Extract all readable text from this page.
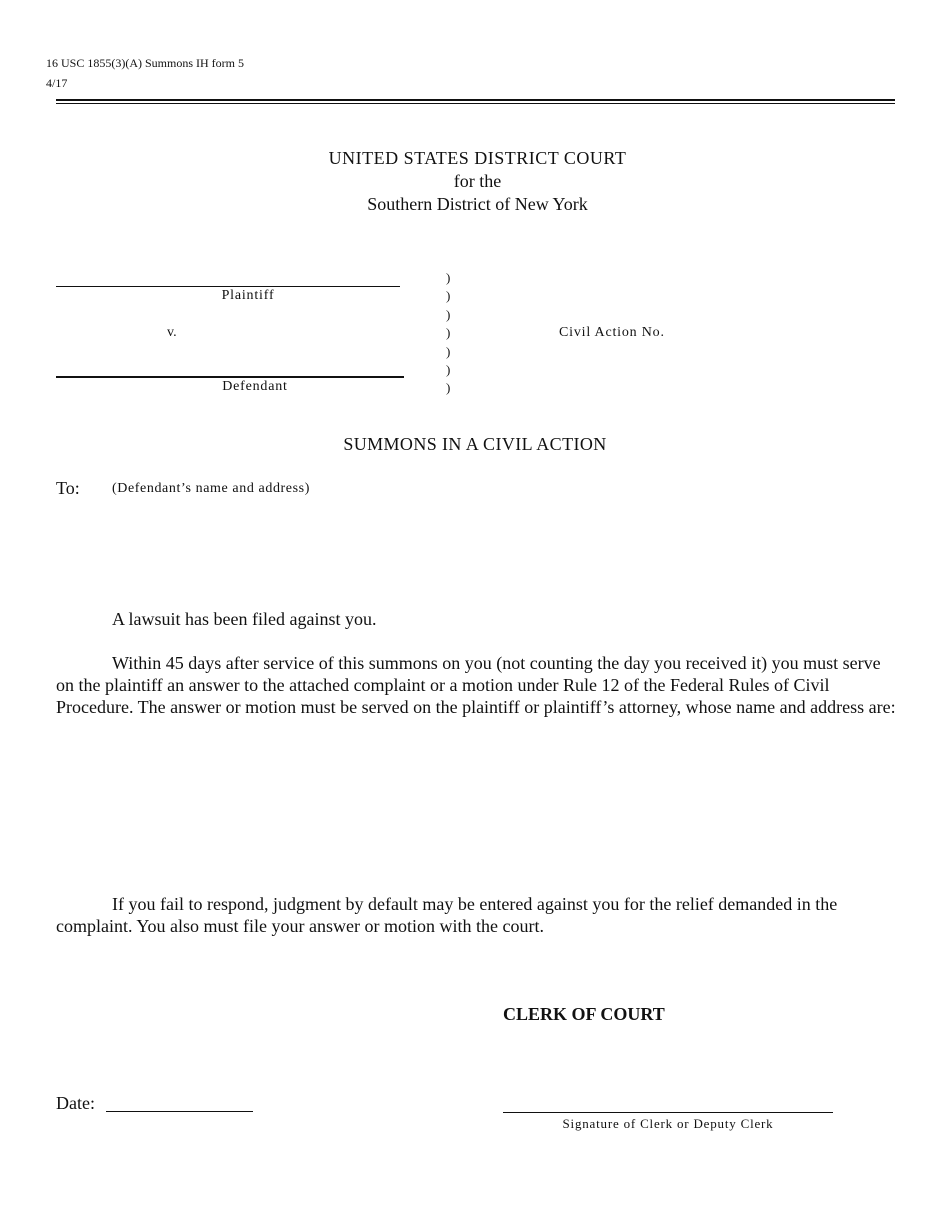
16 USC 1855(3)(A) Summons IH form 5
4/17
UNITED STATES DISTRICT COURT
for the
Southern District of New York
Plaintiff
v.
Defendant
)
)
)
)
)
)
)
Civil Action No.
SUMMONS IN A CIVIL ACTION
To: (Defendant’s name and address)
A lawsuit has been filed against you.
Within 45 days after service of this summons on you (not counting the day you received it) you must serve on the plaintiff an answer to the attached complaint or a motion under Rule 12 of the Federal Rules of Civil Procedure. The answer or motion must be served on the plaintiff or plaintiff’s attorney, whose name and address are:
If you fail to respond, judgment by default may be entered against you for the relief demanded in the complaint. You also must file your answer or motion with the court.
CLERK OF COURT
Date:
Signature of Clerk or Deputy Clerk
